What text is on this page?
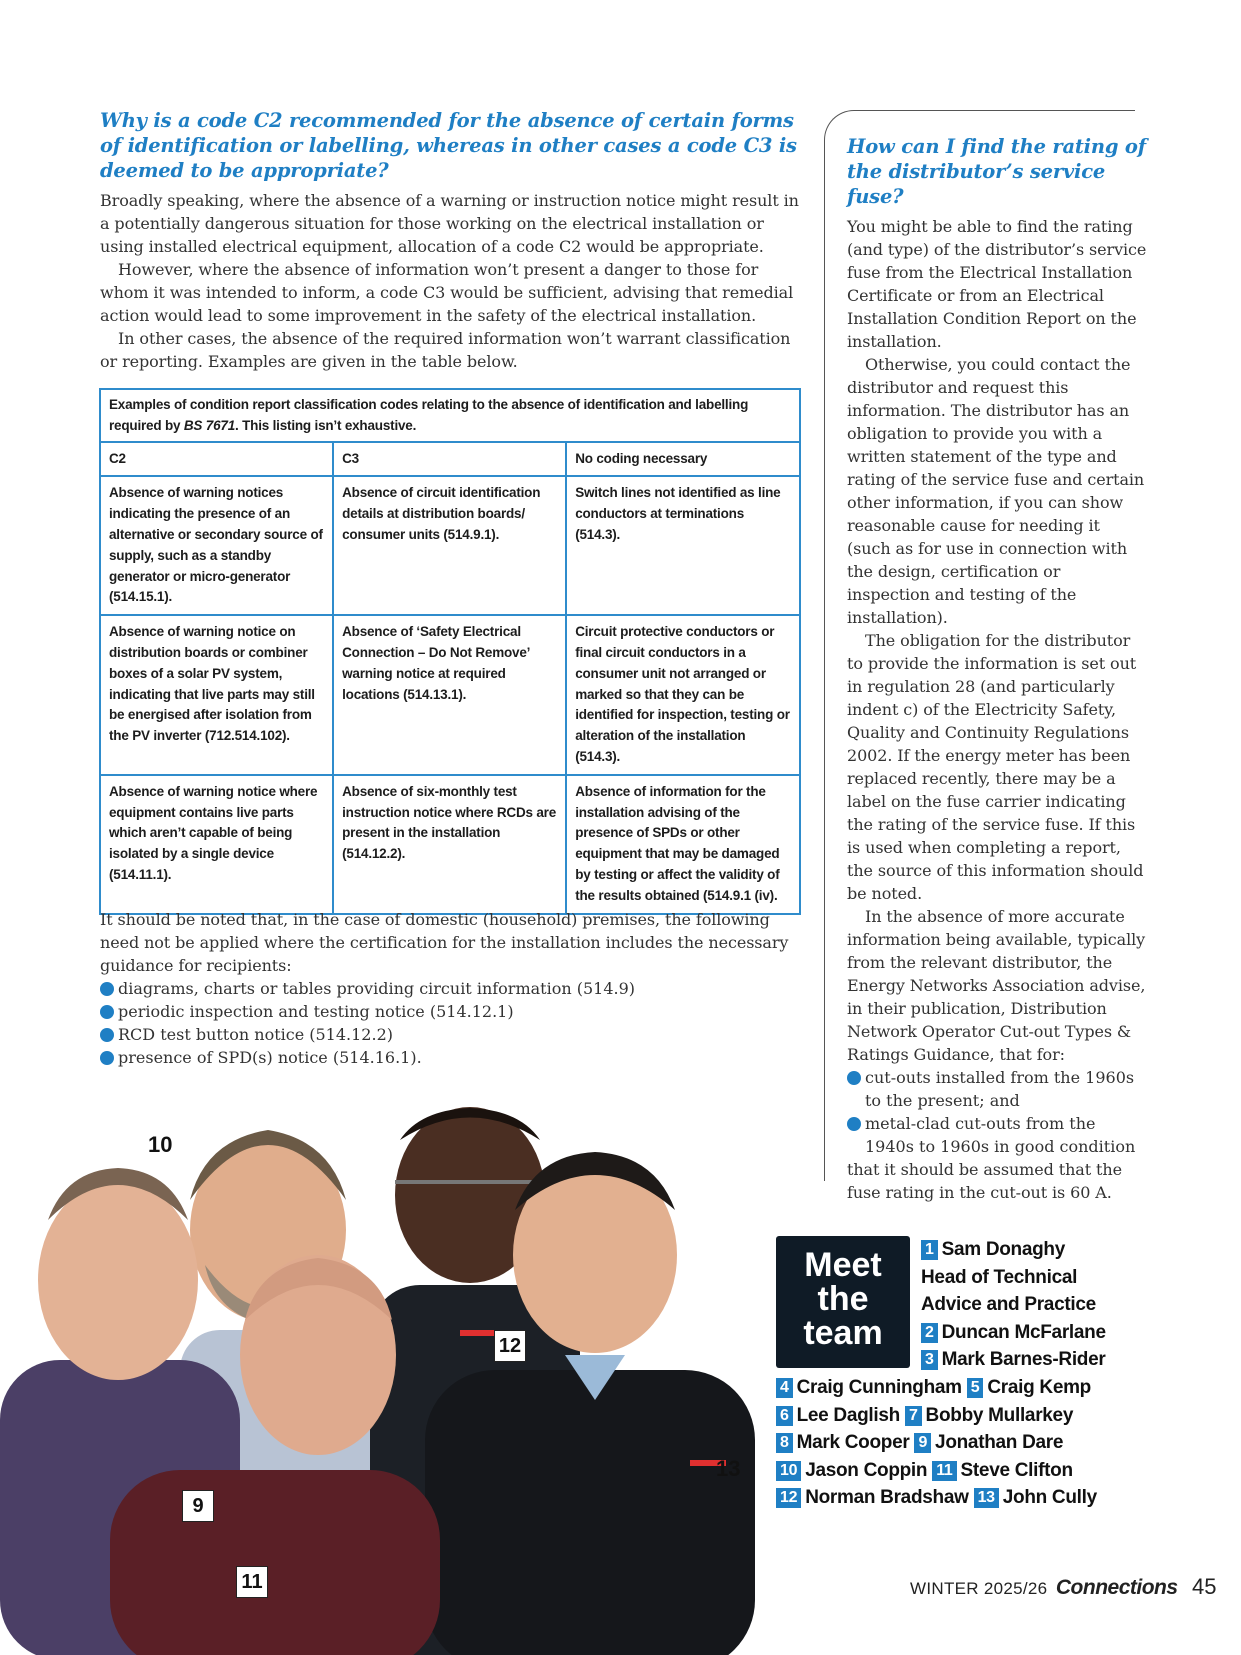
Why is a code C2 recommended for the absence of certain forms of identification or labelling, whereas in other cases a code C3 is deemed to be appropriate?

Broadly speaking, where the absence of a warning or instruction notice might result in a potentially dangerous situation for those working on the electrical installation or using installed electrical equipment, allocation of a code C2 would be appropriate.

However, where the absence of information won’t present a danger to those for whom it was intended to inform, a code C3 would be sufficient, advising that remedial action would lead to some improvement in the safety of the electrical installation.

In other cases, the absence of the required information won’t warrant classification or reporting. Examples are given in the table below.

Examples of condition report classification codes relating to the absence of identification and labelling required by BS 7671. This listing isn’t exhaustive.		
C2	C3	No coding necessary
Absence of warning notices indicating the presence of an alternative or secondary source of supply, such as a standby generator or micro-generator (514.15.1).	Absence of circuit identification details at distribution boards/ consumer units (514.9.1).	Switch lines not identified as line conductors at terminations (514.3).
Absence of warning notice on distribution boards or combiner boxes of a solar PV system, indicating that live parts may still be energised after isolation from the PV inverter (712.514.102).	Absence of ‘Safety Electrical Connection – Do Not Remove’ warning notice at required locations (514.13.1).	Circuit protective conductors or final circuit conductors in a consumer unit not arranged or marked so that they can be identified for inspection, testing or alteration of the installation (514.3).
Absence of warning notice where equipment contains live parts which aren’t capable of being isolated by a single device (514.11.1).	Absence of six-monthly test instruction notice where RCDs are present in the installation (514.12.2).	Absence of information for the installation advising of the presence of SPDs or other equipment that may be damaged by testing or affect the validity of the results obtained (514.9.1 (iv).

It should be noted that, in the case of domestic (household) premises, the following need not be applied where the certification for the installation includes the necessary guidance for recipients:

diagrams, charts or tables providing circuit information (514.9)
periodic inspection and testing notice (514.12.1)
RCD test button notice (514.12.2)
presence of SPD(s) notice (514.16.1).
How can I find the rating of the distributor’s service fuse?

You might be able to find the rating (and type) of the distributor’s service fuse from the Electrical Installation Certificate or from an Electrical Installation Condition Report on the installation.

Otherwise, you could contact the distributor and request this information. The distributor has an obligation to provide you with a written statement of the type and rating of the service fuse and certain other information, if you can show reasonable cause for needing it (such as for use in connection with the design, certification or inspection and testing of the installation).

The obligation for the distributor to provide the information is set out in regulation 28 (and particularly indent c) of the Electricity Safety, Quality and Continuity Regulations 2002. If the energy meter has been replaced recently, there may be a label on the fuse carrier indicating the rating of the service fuse. If this is used when completing a report, the source of this information should be noted.

In the absence of more accurate information being available, typically from the relevant distributor, the Energy Networks Association advise, in their publication, Distribution Network Operator Cut-out Types & Ratings Guidance, that for:

cut-outs installed from the 1960s to the present; and
metal-clad cut-outs from the 1940s to 1960s in good condition

that it should be assumed that the fuse rating in the cut-out is 60 A.

10
12
9
11
13
Meet
the
team
1 Sam Donaghy
Head of Technical
Advice and Practice
2 Duncan McFarlane
3 Mark Barnes-Rider
4 Craig Cunningham 5 Craig Kemp
6 Lee Daglish 7 Bobby Mullarkey
8 Mark Cooper 9 Jonathan Dare
10 Jason Coppin 11 Steve Clifton
12 Norman Bradshaw 13 John Cully
WINTER 2025/26 Connections 45
